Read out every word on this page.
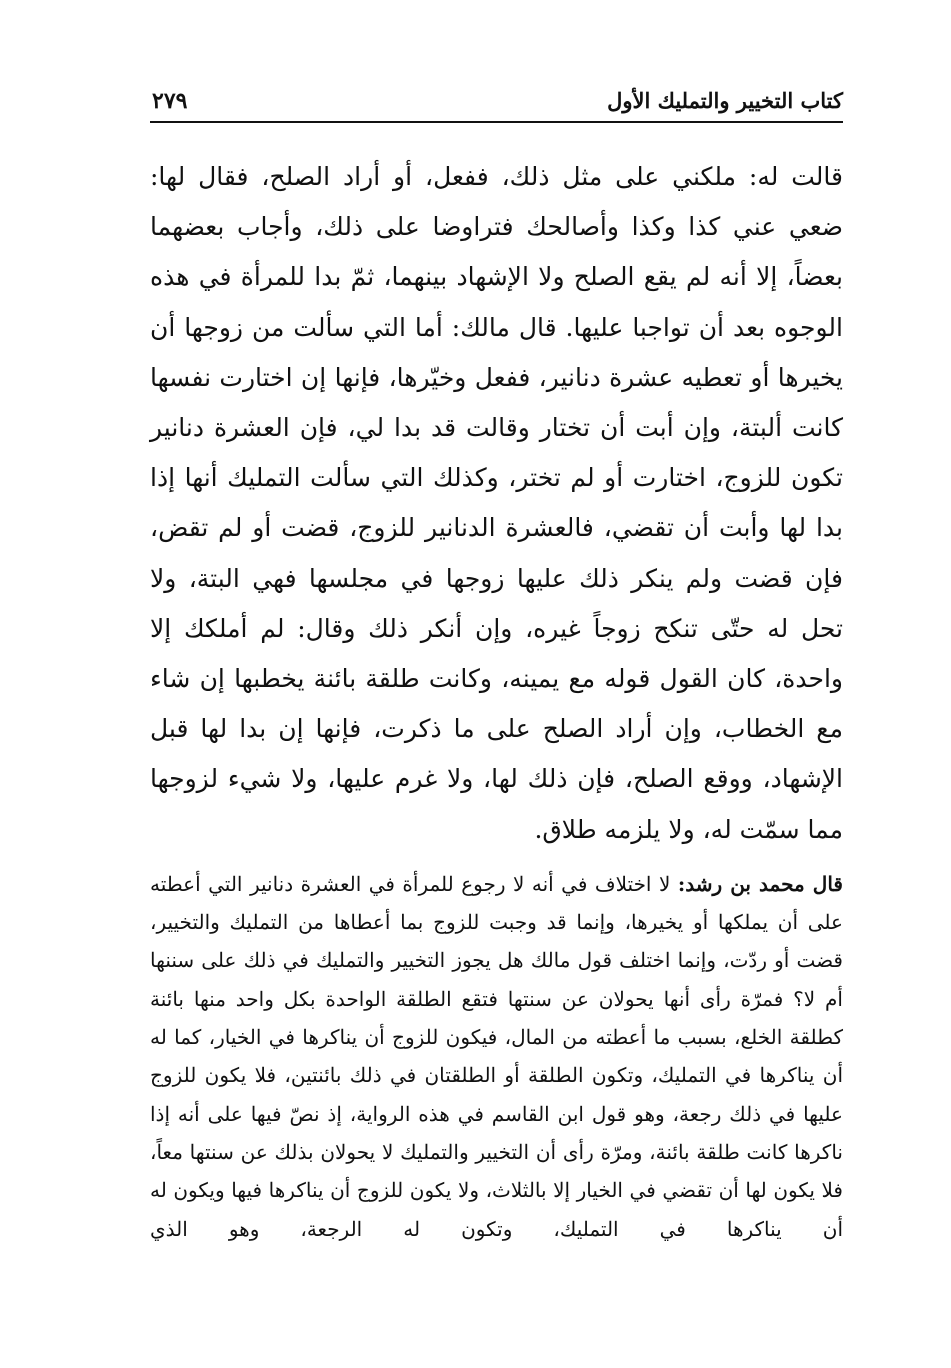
كتاب التخيير والتمليك الأول
٢٧٩

قالت له: ملكني على مثل ذلك، ففعل، أو أراد الصلح، فقال لها: ضعي عني كذا وكذا وأصالحك فتراوضا على ذلك، وأجاب بعضهما بعضاً، إلا أنه لم يقع الصلح ولا الإشهاد بينهما، ثمّ بدا للمرأة في هذه الوجوه بعد أن تواجبا عليها. قال مالك: أما التي سألت من زوجها أن يخيرها أو تعطيه عشرة دنانير، ففعل وخيّرها، فإنها إن اختارت نفسها كانت ألبتة، وإن أبت أن تختار وقالت قد بدا لي، فإن العشرة دنانير تكون للزوج، اختارت أو لم تختر، وكذلك التي سألت التمليك أنها إذا بدا لها وأبت أن تقضي، فالعشرة الدنانير للزوج، قضت أو لم تقض، فإن قضت ولم ينكر ذلك عليها زوجها في مجلسها فهي البتة، ولا تحل له حتّى تنكح زوجاً غيره، وإن أنكر ذلك وقال: لم أملكك إلا واحدة، كان القول قوله مع يمينه، وكانت طلقة بائنة يخطبها إن شاء مع الخطاب، وإن أراد الصلح على ما ذكرت، فإنها إن بدا لها قبل الإشهاد، ووقع الصلح، فإن ذلك لها، ولا غرم عليها، ولا شيء لزوجها مما سمّت له، ولا يلزمه طلاق.

قال محمد بن رشد: لا اختلاف في أنه لا رجوع للمرأة في العشرة دنانير التي أعطته على أن يملكها أو يخيرها، وإنما قد وجبت للزوج بما أعطاها من التمليك والتخيير، قضت أو ردّت، وإنما اختلف قول مالك هل يجوز التخيير والتمليك في ذلك على سننها أم لا؟ فمرّة رأى أنها يحولان عن سنتها فتقع الطلقة الواحدة بكل واحد منها بائنة كطلقة الخلع، بسبب ما أعطته من المال، فيكون للزوج أن يناكرها في الخيار، كما له أن يناكرها في التمليك، وتكون الطلقة أو الطلقتان في ذلك بائنتين، فلا يكون للزوج عليها في ذلك رجعة، وهو قول ابن القاسم في هذه الرواية، إذ نصّ فيها على أنه إذا ناكرها كانت طلقة بائنة، ومرّة رأى أن التخيير والتمليك لا يحولان بذلك عن سنتها معاً، فلا يكون لها أن تقضي في الخيار إلا بالثلاث، ولا يكون للزوج أن يناكرها فيها ويكون له أن يناكرها في التمليك، وتكون له الرجعة، وهو الذي
